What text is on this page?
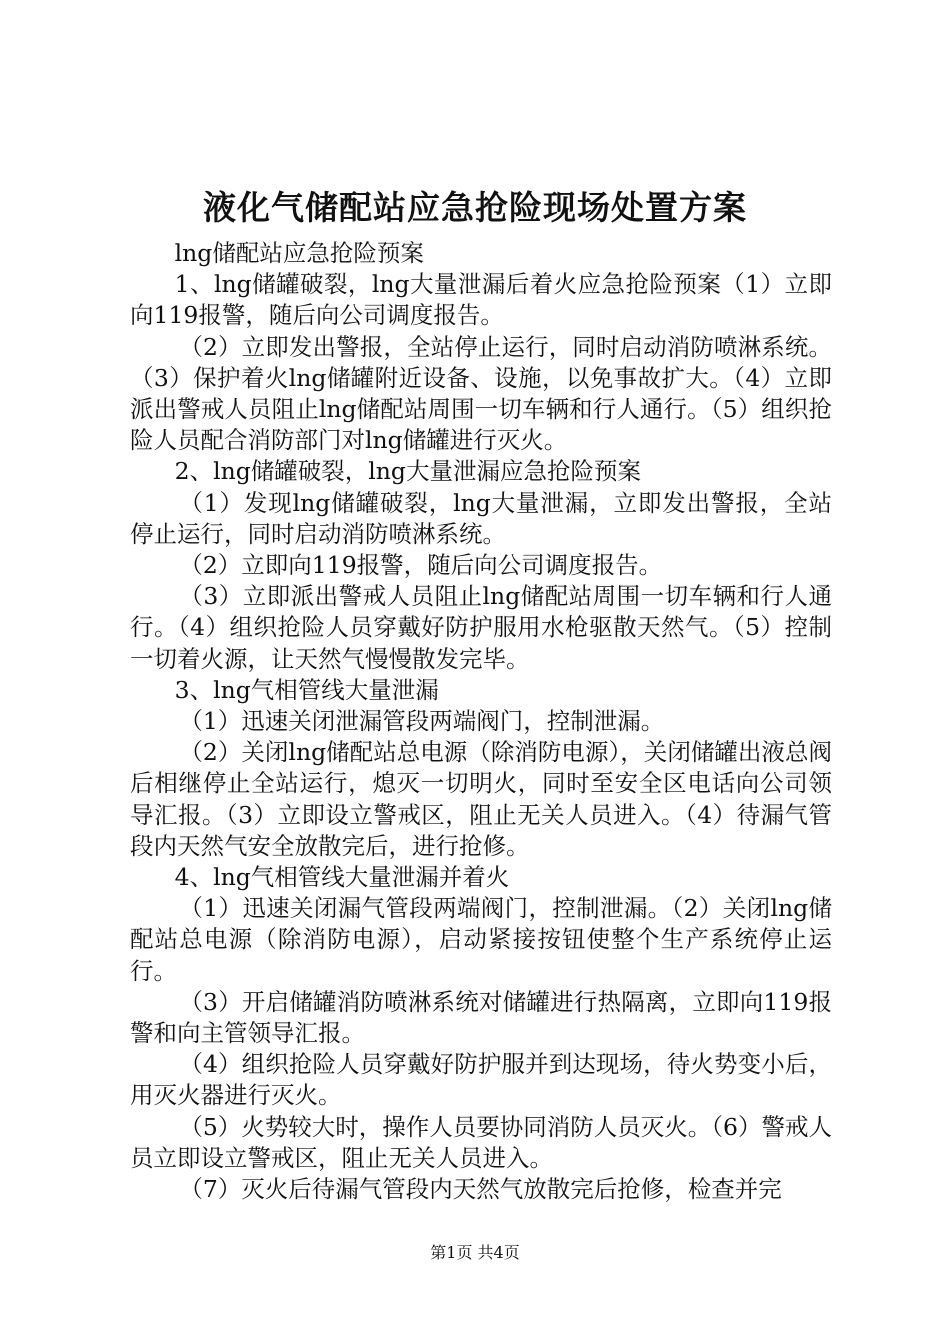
液化气储配站应急抢险现场处置方案

lng储配站应急抢险预案

1、lng储罐破裂，lng大量泄漏后着火应急抢险预案（1）立即向119报警，随后向公司调度报告。

（2）立即发出警报，全站停止运行，同时启动消防喷淋系统。（3）保护着火lng储罐附近设备、设施，以免事故扩大。（4）立即派出警戒人员阻止lng储配站周围一切车辆和行人通行。（5）组织抢险人员配合消防部门对lng储罐进行灭火。

2、lng储罐破裂，lng大量泄漏应急抢险预案

（1）发现lng储罐破裂，lng大量泄漏，立即发出警报，全站停止运行，同时启动消防喷淋系统。

（2）立即向119报警，随后向公司调度报告。

（3）立即派出警戒人员阻止lng储配站周围一切车辆和行人通行。（4）组织抢险人员穿戴好防护服用水枪驱散天然气。（5）控制一切着火源，让天然气慢慢散发完毕。

3、lng气相管线大量泄漏

（1）迅速关闭泄漏管段两端阀门，控制泄漏。

（2）关闭lng储配站总电源（除消防电源），关闭储罐出液总阀后相继停止全站运行，熄灭一切明火，同时至安全区电话向公司领导汇报。（3）立即设立警戒区，阻止无关人员进入。（4）待漏气管段内天然气安全放散完后，进行抢修。

4、lng气相管线大量泄漏并着火

（1）迅速关闭漏气管段两端阀门，控制泄漏。（2）关闭lng储配站总电源（除消防电源），启动紧接按钮使整个生产系统停止运行。

（3）开启储罐消防喷淋系统对储罐进行热隔离，立即向119报警和向主管领导汇报。

（4）组织抢险人员穿戴好防护服并到达现场，待火势变小后，用灭火器进行灭火。

（5）火势较大时，操作人员要协同消防人员灭火。（6）警戒人员立即设立警戒区，阻止无关人员进入。

（7）灭火后待漏气管段内天然气放散完后抢修，检查并完

第1页 共4页
